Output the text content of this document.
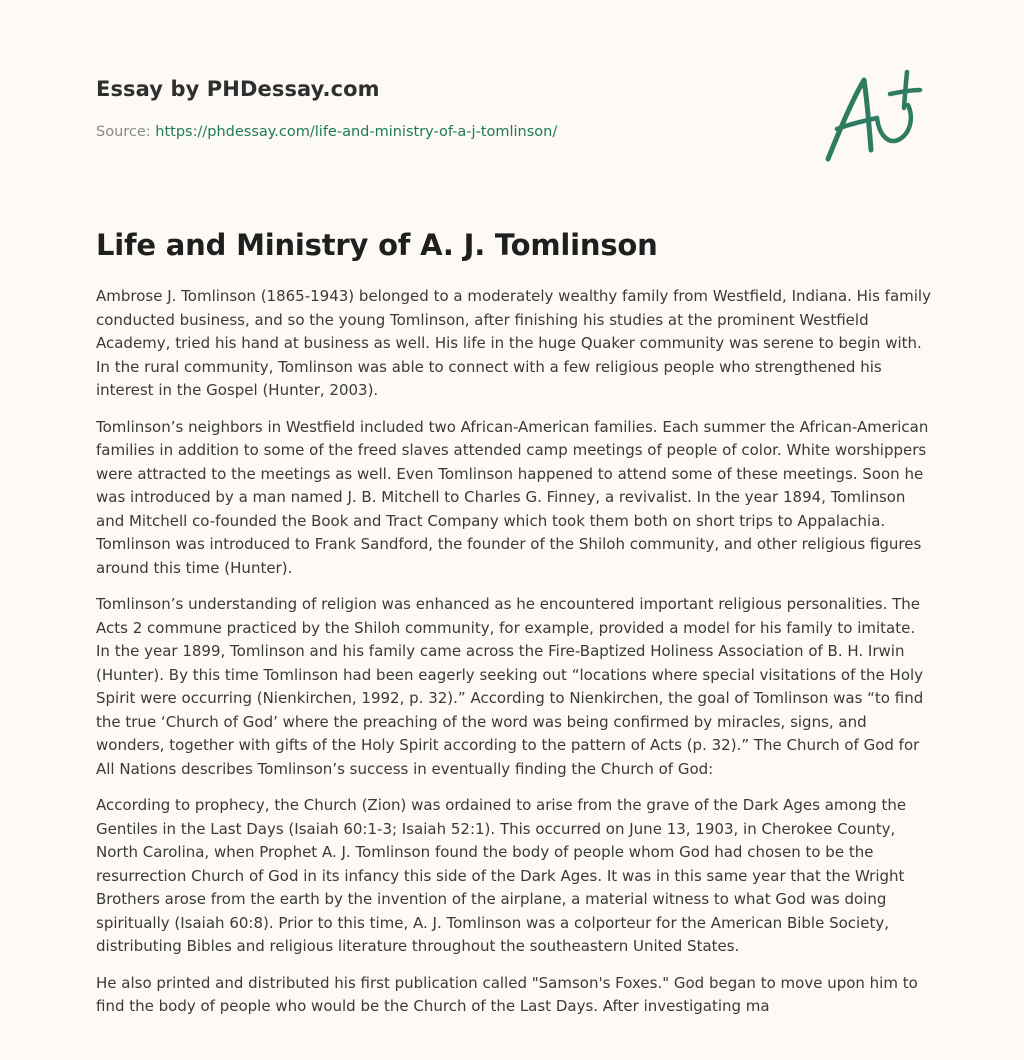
Essay by PHDessay.com
Source: https://phdessay.com/life-and-ministry-of-a-j-tomlinson/
Life and Ministry of A. J. Tomlinson

Ambrose J. Tomlinson (1865-1943) belonged to a moderately wealthy family from Westfield, Indiana. His family conducted business, and so the young Tomlinson, after finishing his studies at the prominent Westfield Academy, tried his hand at business as well. His life in the huge Quaker community was serene to begin with. In the rural community, Tomlinson was able to connect with a few religious people who strengthened his interest in the Gospel (Hunter, 2003).

Tomlinson’s neighbors in Westfield included two African-American families. Each summer the African-American families in addition to some of the freed slaves attended camp meetings of people of color. White worshippers were attracted to the meetings as well. Even Tomlinson happened to attend some of these meetings. Soon he was introduced by a man named J. B. Mitchell to Charles G. Finney, a revivalist. In the year 1894, Tomlinson and Mitchell co-founded the Book and Tract Company which took them both on short trips to Appalachia. Tomlinson was introduced to Frank Sandford, the founder of the Shiloh community, and other religious figures around this time (Hunter).

Tomlinson’s understanding of religion was enhanced as he encountered important religious personalities. The Acts 2 commune practiced by the Shiloh community, for example, provided a model for his family to imitate. In the year 1899, Tomlinson and his family came across the Fire-Baptized Holiness Association of B. H. Irwin (Hunter). By this time Tomlinson had been eagerly seeking out “locations where special visitations of the Holy Spirit were occurring (Nienkirchen, 1992, p. 32).” According to Nienkirchen, the goal of Tomlinson was “to find the true ‘Church of God’ where the preaching of the word was being confirmed by miracles, signs, and wonders, together with gifts of the Holy Spirit according to the pattern of Acts (p. 32).” The Church of God for All Nations describes Tomlinson’s success in eventually finding the Church of God:

According to prophecy, the Church (Zion) was ordained to arise from the grave of the Dark Ages among the Gentiles in the Last Days (Isaiah 60:1-3; Isaiah 52:1). This occurred on June 13, 1903, in Cherokee County, North Carolina, when Prophet A. J. Tomlinson found the body of people whom God had chosen to be the resurrection Church of God in its infancy this side of the Dark Ages. It was in this same year that the Wright Brothers arose from the earth by the invention of the airplane, a material witness to what God was doing spiritually (Isaiah 60:8). Prior to this time, A. J. Tomlinson was a colporteur for the American Bible Society, distributing Bibles and religious literature throughout the southeastern United States.

He also printed and distributed his first publication called "Samson's Foxes." God began to move upon him to find the body of people who would be the Church of the Last Days. After investigating ma
